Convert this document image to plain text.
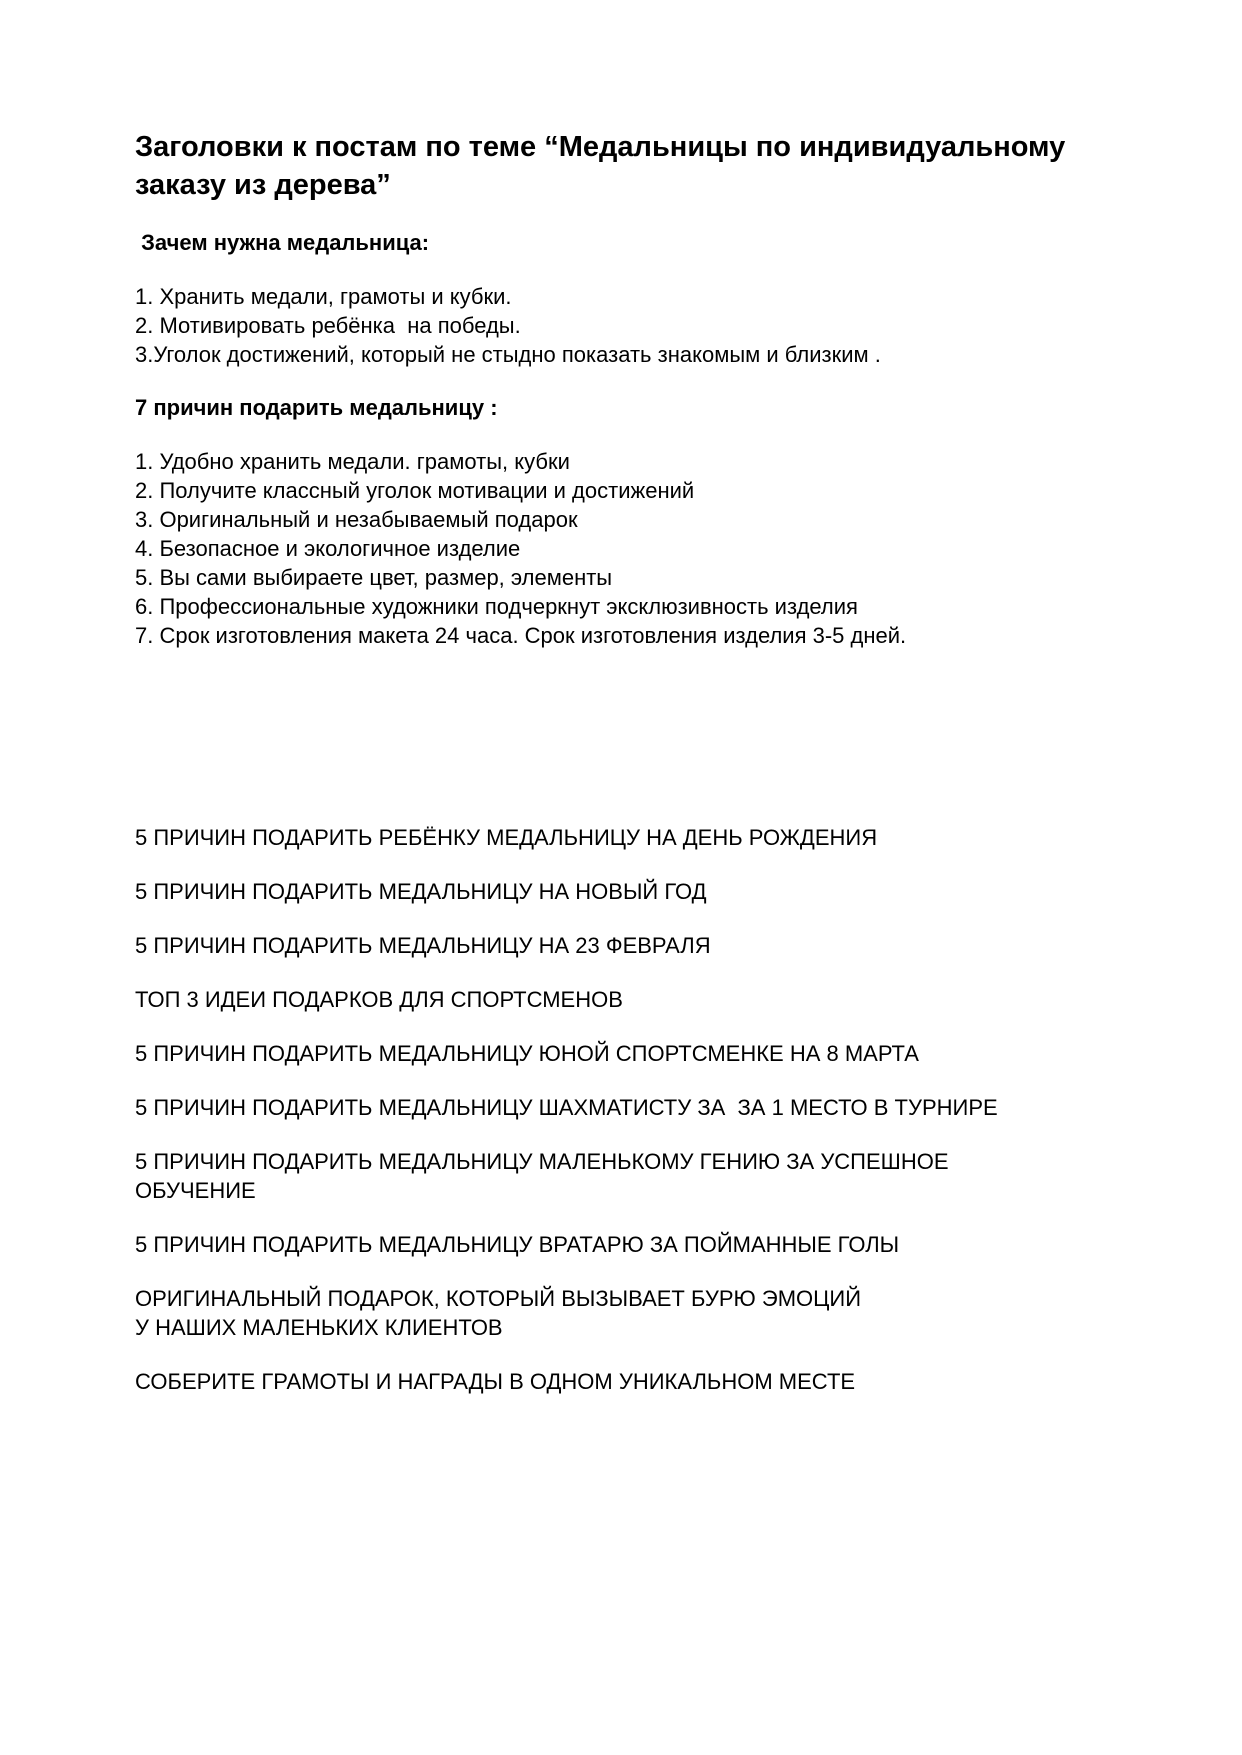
Заголовки к постам по теме “Медальницы по индивидуальному
заказу из дерева”

Зачем нужна медальница:

1. Хранить медали, грамоты и кубки.

2. Мотивировать ребёнка  на победы.

3.Уголок достижений, который не стыдно показать знакомым и близким .

7 причин подарить медальницу :

1. Удобно хранить медали. грамоты, кубки

2. Получите классный уголок мотивации и достижений

3. Оригинальный и незабываемый подарок

4. Безопасное и экологичное изделие

5. Вы сами выбираете цвет, размер, элементы

6. Профессиональные художники подчеркнут эксклюзивность изделия

7. Срок изготовления макета 24 часа. Срок изготовления изделия 3-5 дней.

5 ПРИЧИН ПОДАРИТЬ РЕБЁНКУ МЕДАЛЬНИЦУ НА ДЕНЬ РОЖДЕНИЯ

5 ПРИЧИН ПОДАРИТЬ МЕДАЛЬНИЦУ НА НОВЫЙ ГОД

5 ПРИЧИН ПОДАРИТЬ МЕДАЛЬНИЦУ НА 23 ФЕВРАЛЯ

ТОП 3 ИДЕИ ПОДАРКОВ ДЛЯ СПОРТСМЕНОВ

5 ПРИЧИН ПОДАРИТЬ МЕДАЛЬНИЦУ ЮНОЙ СПОРТСМЕНКЕ НА 8 МАРТА

5 ПРИЧИН ПОДАРИТЬ МЕДАЛЬНИЦУ ШАХМАТИСТУ ЗА  ЗА 1 МЕСТО В ТУРНИРЕ

5 ПРИЧИН ПОДАРИТЬ МЕДАЛЬНИЦУ МАЛЕНЬКОМУ ГЕНИЮ ЗА УСПЕШНОЕ
ОБУЧЕНИЕ

5 ПРИЧИН ПОДАРИТЬ МЕДАЛЬНИЦУ ВРАТАРЮ ЗА ПОЙМАННЫЕ ГОЛЫ

ОРИГИНАЛЬНЫЙ ПОДАРОК, КОТОРЫЙ ВЫЗЫВАЕТ БУРЮ ЭМОЦИЙ
У НАШИХ МАЛЕНЬКИХ КЛИЕНТОВ

СОБЕРИТЕ ГРАМОТЫ И НАГРАДЫ В ОДНОМ УНИКАЛЬНОМ МЕСТЕ
